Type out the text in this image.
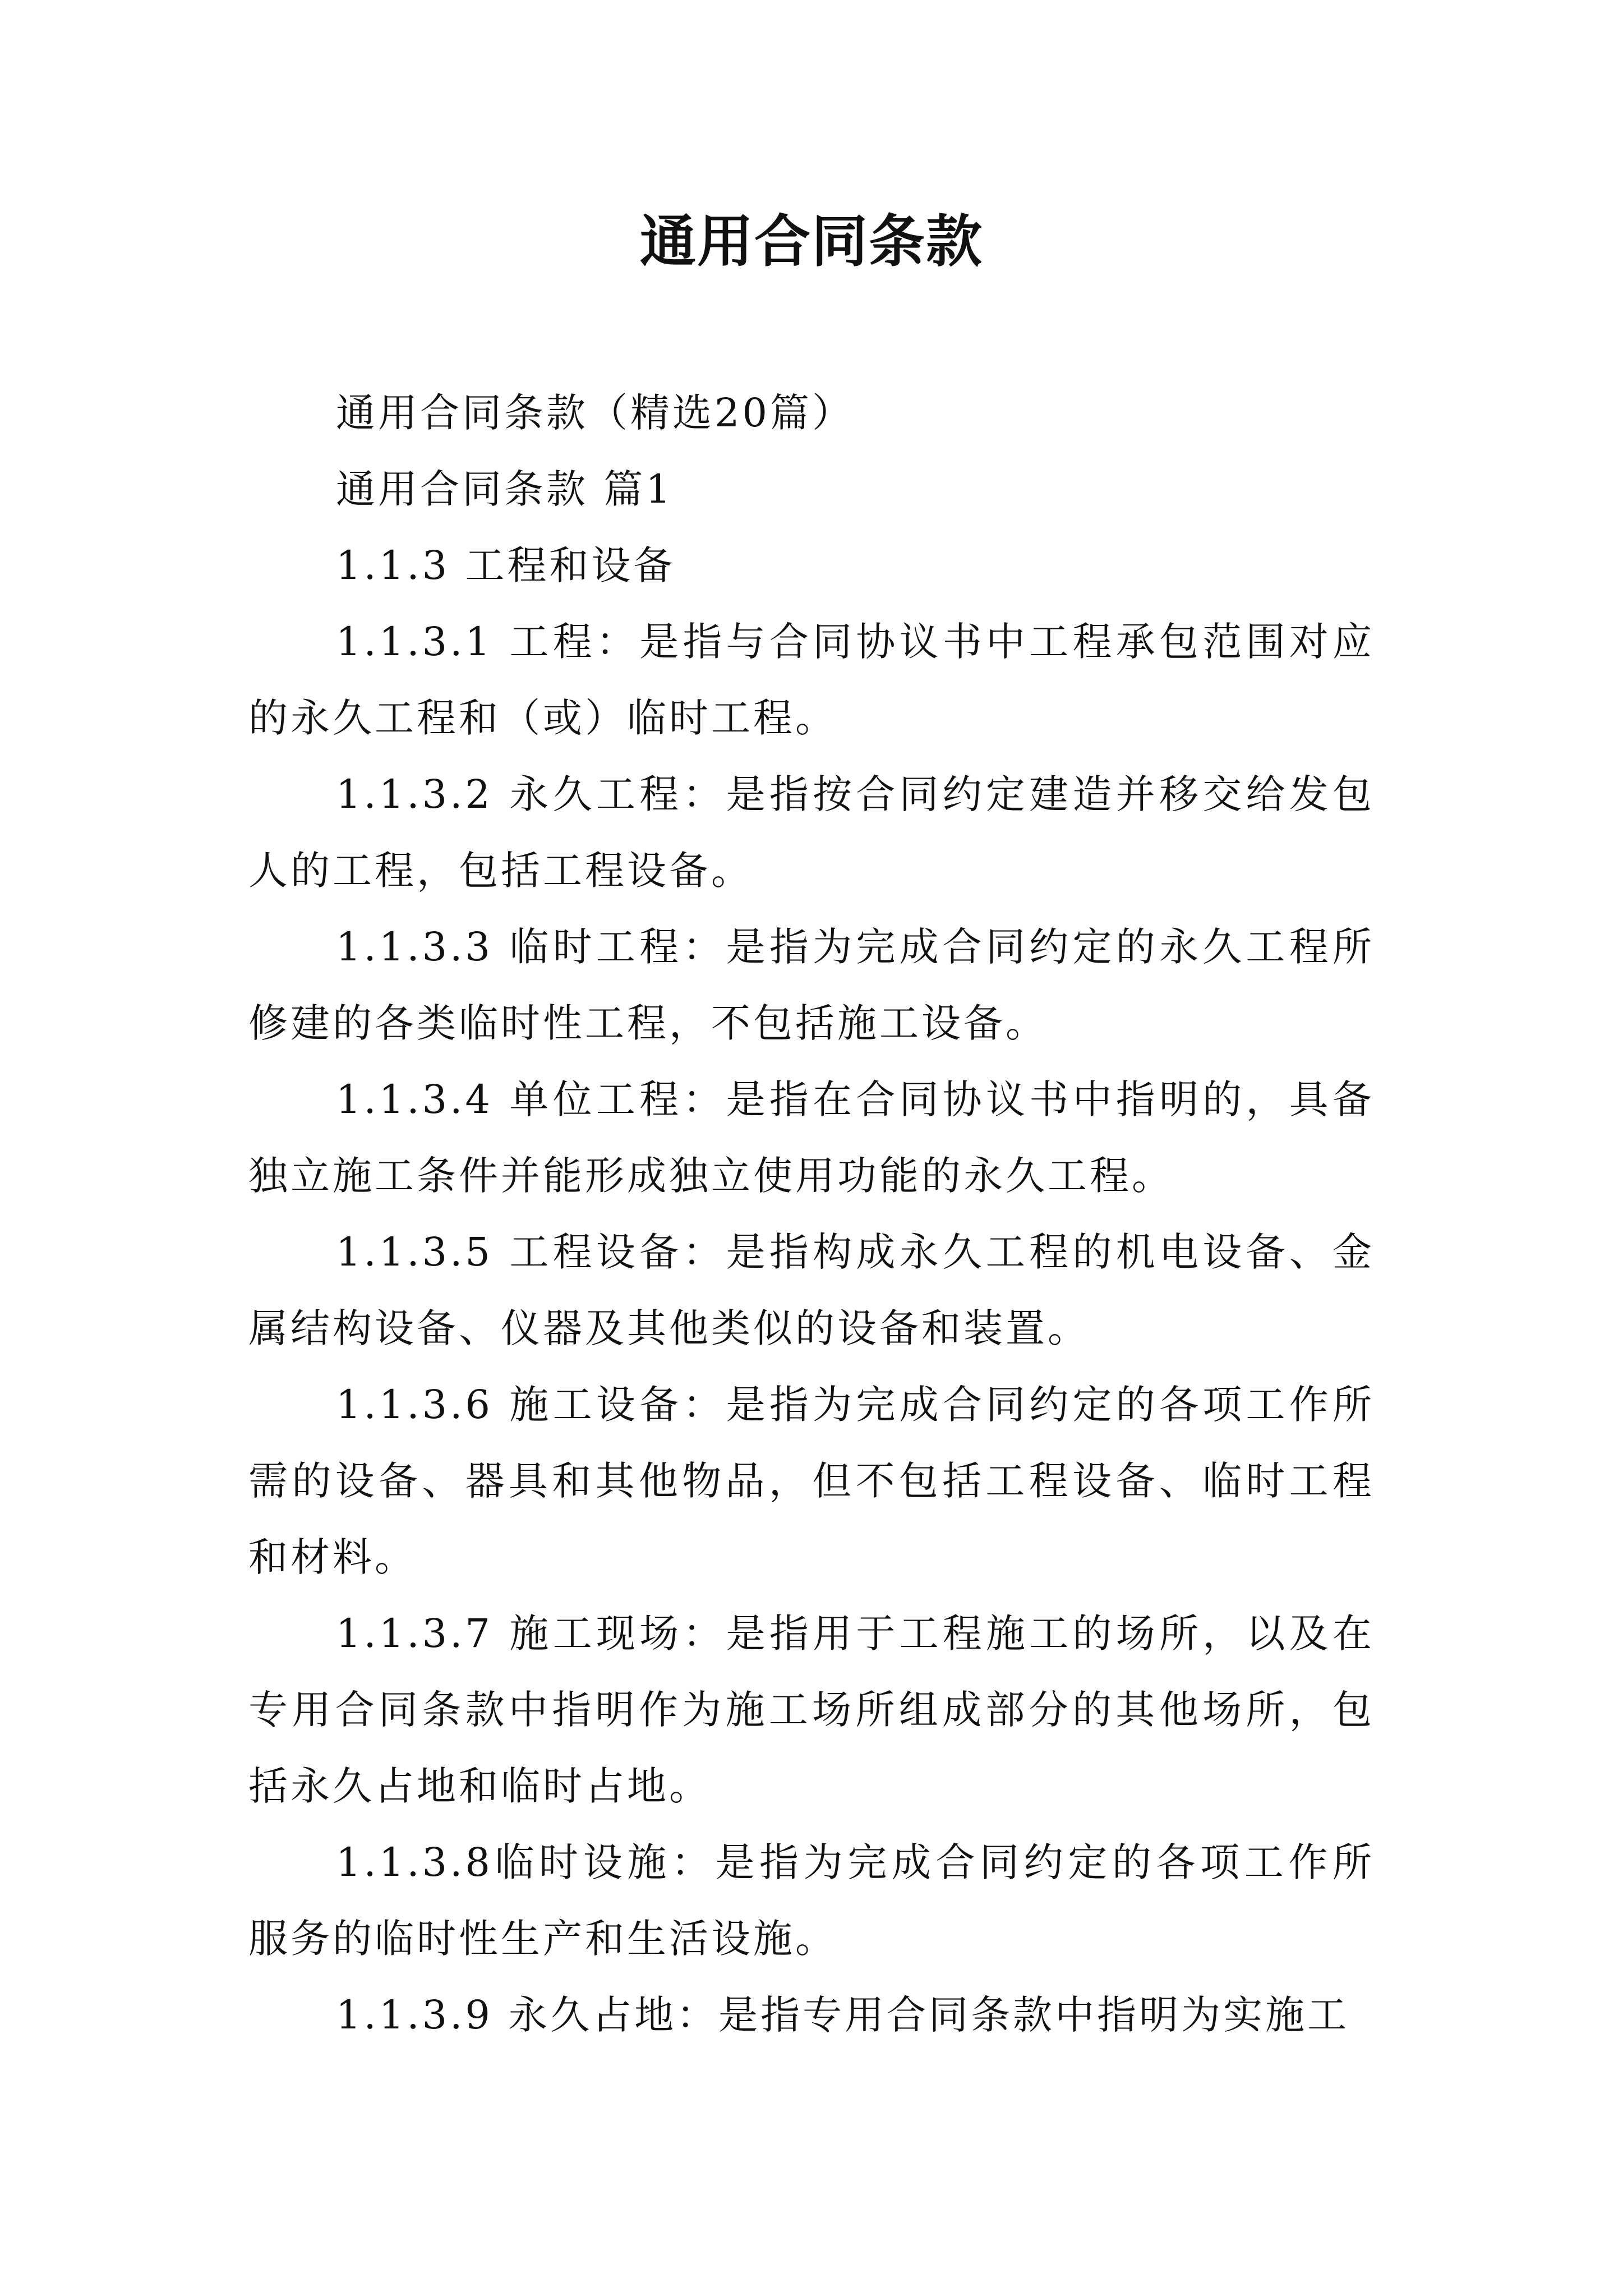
通用合同条款

通用合同条款（精选20篇）

通用合同条款 篇1

1.1.3 工程和设备

1.1.3.1 工程：是指与合同协议书中工程承包范围对应的永久工程和（或）临时工程。

1.1.3.2 永久工程：是指按合同约定建造并移交给发包人的工程，包括工程设备。

1.1.3.3 临时工程：是指为完成合同约定的永久工程所修建的各类临时性工程，不包括施工设备。

1.1.3.4 单位工程：是指在合同协议书中指明的，具备独立施工条件并能形成独立使用功能的永久工程。

1.1.3.5 工程设备：是指构成永久工程的机电设备、金属结构设备、仪器及其他类似的设备和装置。

1.1.3.6 施工设备：是指为完成合同约定的各项工作所需的设备、器具和其他物品，但不包括工程设备、临时工程和材料。

1.1.3.7 施工现场：是指用于工程施工的场所，以及在专用合同条款中指明作为施工场所组成部分的其他场所，包括永久占地和临时占地。

1.1.3.8临时设施：是指为完成合同约定的各项工作所服务的临时性生产和生活设施。

1.1.3.9 永久占地：是指专用合同条款中指明为实施工
